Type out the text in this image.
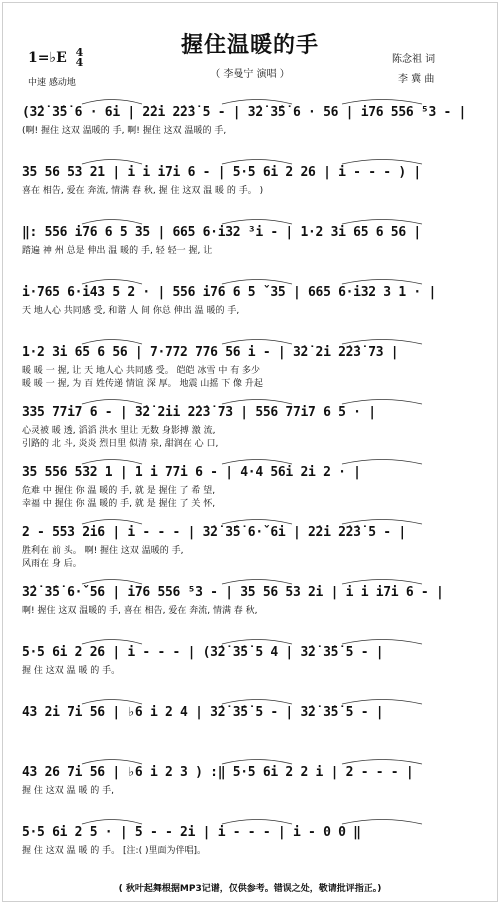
握住温暖的手
（ 李曼宁 演唱 ）
1=♭E 4
4
中速 感动地
陈念祖 词
李 冀 曲
(3̇2̇ 3̇5̇ 6 · 6i | 2̇2̇i 2̇2̇3̇ 5 - | 3̇2̇ 3̇5̇ 6 · 56 | i76 556 ⁵3 - |
(啊! 握住 这双 温暖的 手, 啊! 握住 这双 温暖的 手,
35 56 53 21 | i i i7i 6 - | 5·5 6i 2 26 | i - - - ) |
喜在 相告, 爱在 奔流, 情满 春 秋, 握 住 这双 温 暖 的 手。 )
‖: 556 i76 6 5 35 | 665 6·i32 ³i - | 1·2 3i 65 6 56 |
踏遍 神 州 总是 伸出 温 暖的 手, 轻 轻一 握, 让
i·765 6·i43 5 2 · | 556 i76 6 5 ˇ35 | 665 6·i32 3 1 · |
天 地人心 共同感 受, 和谐 人 间 你总 伸出 温 暖的 手,
1·2 3i 65 6 56 | 7·772 776 56 i - | 3̇2̇ 2̇i 2̇2̇3̇ 73 |
暖 暖 一 握, 让 天 地人心 共同感 受。 皑皑 冰雪 中 有 多少
暖 暖 一 握, 为 百 姓传递 情谊 深 厚。 地震 山摇 下 像 升起
335 77i7 6 - | 3̇2̇ 2̇ii 2̇2̇3̇ 73 | 556 77i7 6 5 · |
心灵被 暖 透, 滔滔 洪水 里让 无数 身影搏 激 流,
引路的 北 斗, 炎炎 烈日里 似清 泉, 甜润在 心 口,
35 556 532 1 | 1 i 77i 6 - | 4·4 56i 2i 2 · |
危难 中 握住 你 温 暖的 手, 就 是 握住 了 希 望,
幸福 中 握住 你 温 暖的 手, 就 是 握住 了 关 怀,
2 - 553 2i6 | i - - - | 3̇2̇ 3̇5̇ 6·ˇ6i | 2̇2̇i 2̇2̇3̇ 5 - |
胜利在 前 头。 啊! 握住 这双 温暖的 手,
风雨在 身 后。
3̇2̇ 3̇5̇ 6·ˇ56 | i76 556 ⁵3 - | 35 56 53 2̇i | i i i7i 6 - |
啊! 握住 这双 温暖的 手, 喜在 相告, 爱在 奔流, 情满 春 秋,
5·5 6i 2 26 | i - - - | (3̇2̇ 3̇5̇ 5 4 | 3̇2̇ 3̇5̇ 5 - |
握 住 这双 温 暖 的 手。
43 2i 7i 56 | ♭6 i 2 4 | 3̇2̇ 3̇5̇ 5 - | 3̇2̇ 3̇5̇ 5 - |
43 26 7i 56 | ♭6 i 2 3 ) :‖ 5·5 6i 2 2 i | 2 - - - |
握 住 这双 温 暖 的 手,
5·5 6i 2 5 · | 5 - - 2i | i - - - | i - 0 0 ‖
握 住 这双 温 暖 的 手。 [注:( )里面为伴唱]。
( 秋叶起舞根据MP3记谱，仅供参考。错误之处，敬请批评指正。)
